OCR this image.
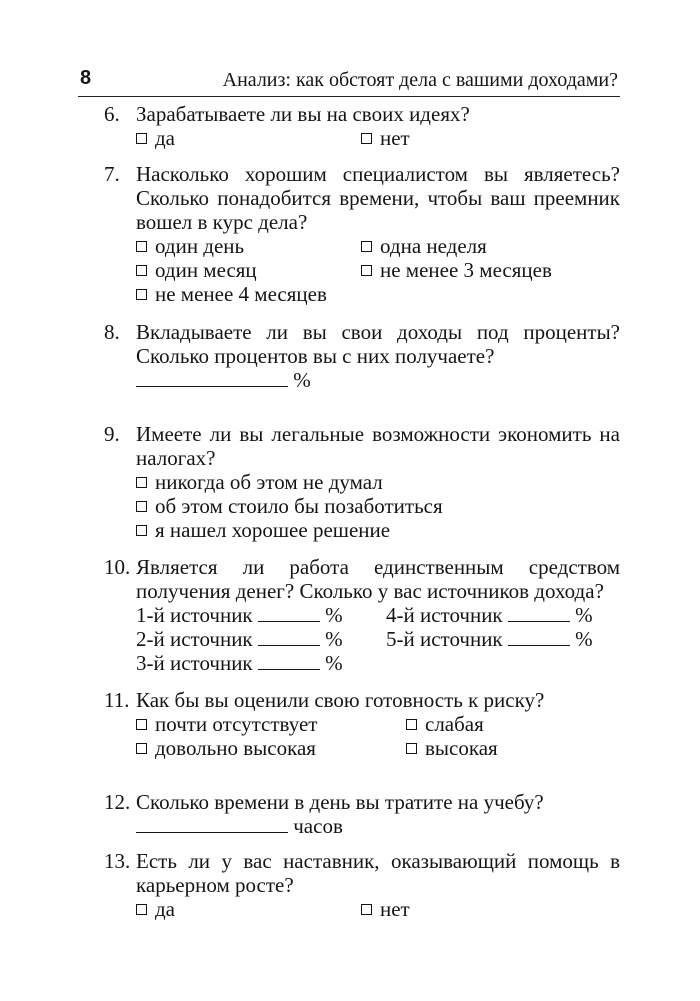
8	Анализ: как обстоят дела с вашими доходами?
6. Зарабатываете ли вы на своих идеях?
да	нет
7. Насколько хорошим специалистом вы являетесь? Сколько понадобится времени, чтобы ваш преемник вошел в курс дела?
один день	одна неделя
один месяц	не менее 3 месяцев
не менее 4 месяцев
8. Вкладываете ли вы свои доходы под проценты? Сколько процентов вы с них получаете?
%
9. Имеете ли вы легальные возможности экономить на налогах?
никогда об этом не думал
об этом стоило бы позаботиться
я нашел хорошее решение
10. Является ли работа единственным средством получения денег? Сколько у вас источников дохода?
1-й источник	% 4-й источник	%
2-й источник	% 5-й источник	%
3-й источник	%
11. Как бы вы оценили свою готовность к риску?
почти отсутствует	слабая
довольно высокая	высокая
12. Сколько времени в день вы тратите на учебу?
часов
13. Есть ли у вас наставник, оказывающий помощь в карьерном росте?
да	нет
